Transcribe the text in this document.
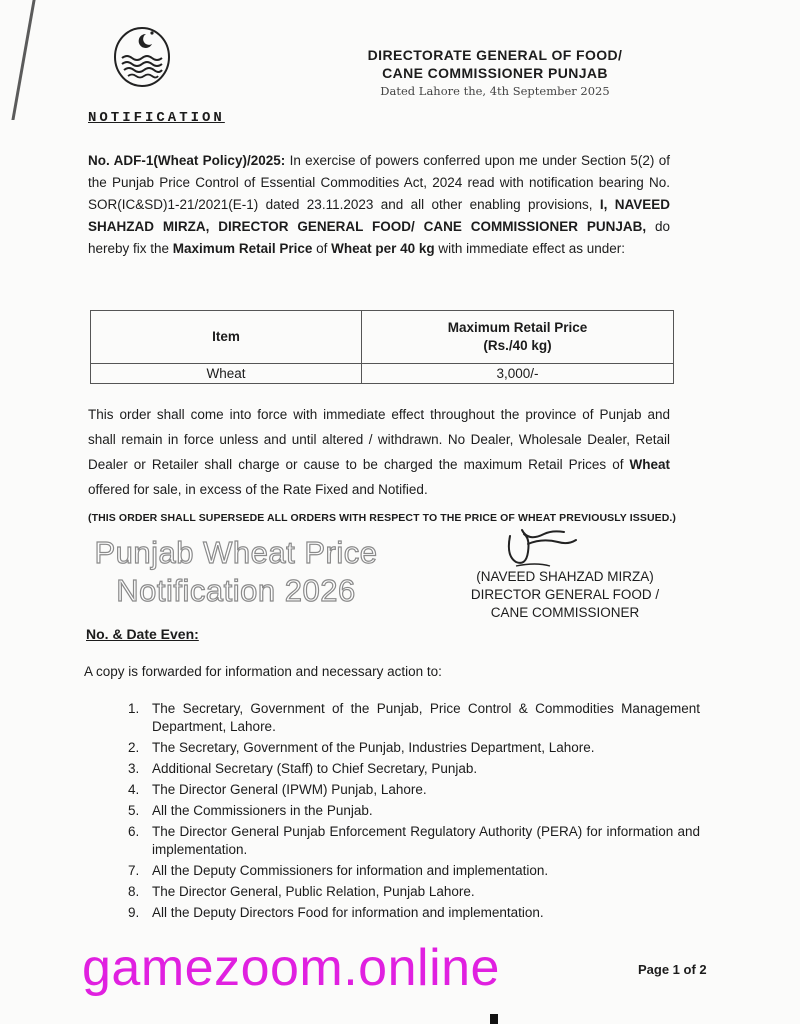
DIRECTORATE GENERAL OF FOOD/
CANE COMMISSIONER PUNJAB
Dated Lahore the, 4th September 2025
NOTIFICATION

No. ADF-1(Wheat Policy)/2025: In exercise of powers conferred upon me under Section 5(2) of the Punjab Price Control of Essential Commodities Act, 2024 read with notification bearing No. SOR(IC&SD)1-21/2021(E-1) dated 23.11.2023 and all other enabling provisions, I, NAVEED SHAHZAD MIRZA, DIRECTOR GENERAL FOOD/ CANE COMMISSIONER PUNJAB, do hereby fix the Maximum Retail Price of Wheat per 40 kg with immediate effect as under:

Item	Maximum Retail Price
(Rs./40 kg)
Wheat	3,000/-

This order shall come into force with immediate effect throughout the province of Punjab and shall remain in force unless and until altered / withdrawn. No Dealer, Wholesale Dealer, Retail Dealer or Retailer shall charge or cause to be charged the maximum Retail Prices of Wheat offered for sale, in excess of the Rate Fixed and Notified.

(THIS ORDER SHALL SUPERSEDE ALL ORDERS WITH RESPECT TO THE PRICE OF WHEAT PREVIOUSLY ISSUED.)
Punjab Wheat Price
Notification 2026	(NAVEED SHAHZAD MIRZA)
DIRECTOR GENERAL FOOD /
CANE COMMISSIONER
No. & Date Even:
A copy is forwarded for information and necessary action to:
1. The Secretary, Government of the Punjab, Price Control & Commodities Management Department, Lahore.
2. The Secretary, Government of the Punjab, Industries Department, Lahore.
3. Additional Secretary (Staff) to Chief Secretary, Punjab.
4. The Director General (IPWM) Punjab, Lahore.
5. All the Commissioners in the Punjab.
6. The Director General Punjab Enforcement Regulatory Authority (PERA) for information and implementation.
7. All the Deputy Commissioners for information and implementation.
8. The Director General, Public Relation, Punjab Lahore.
9. All the Deputy Directors Food for information and implementation.
gamezoom.online	Page 1 of 2
